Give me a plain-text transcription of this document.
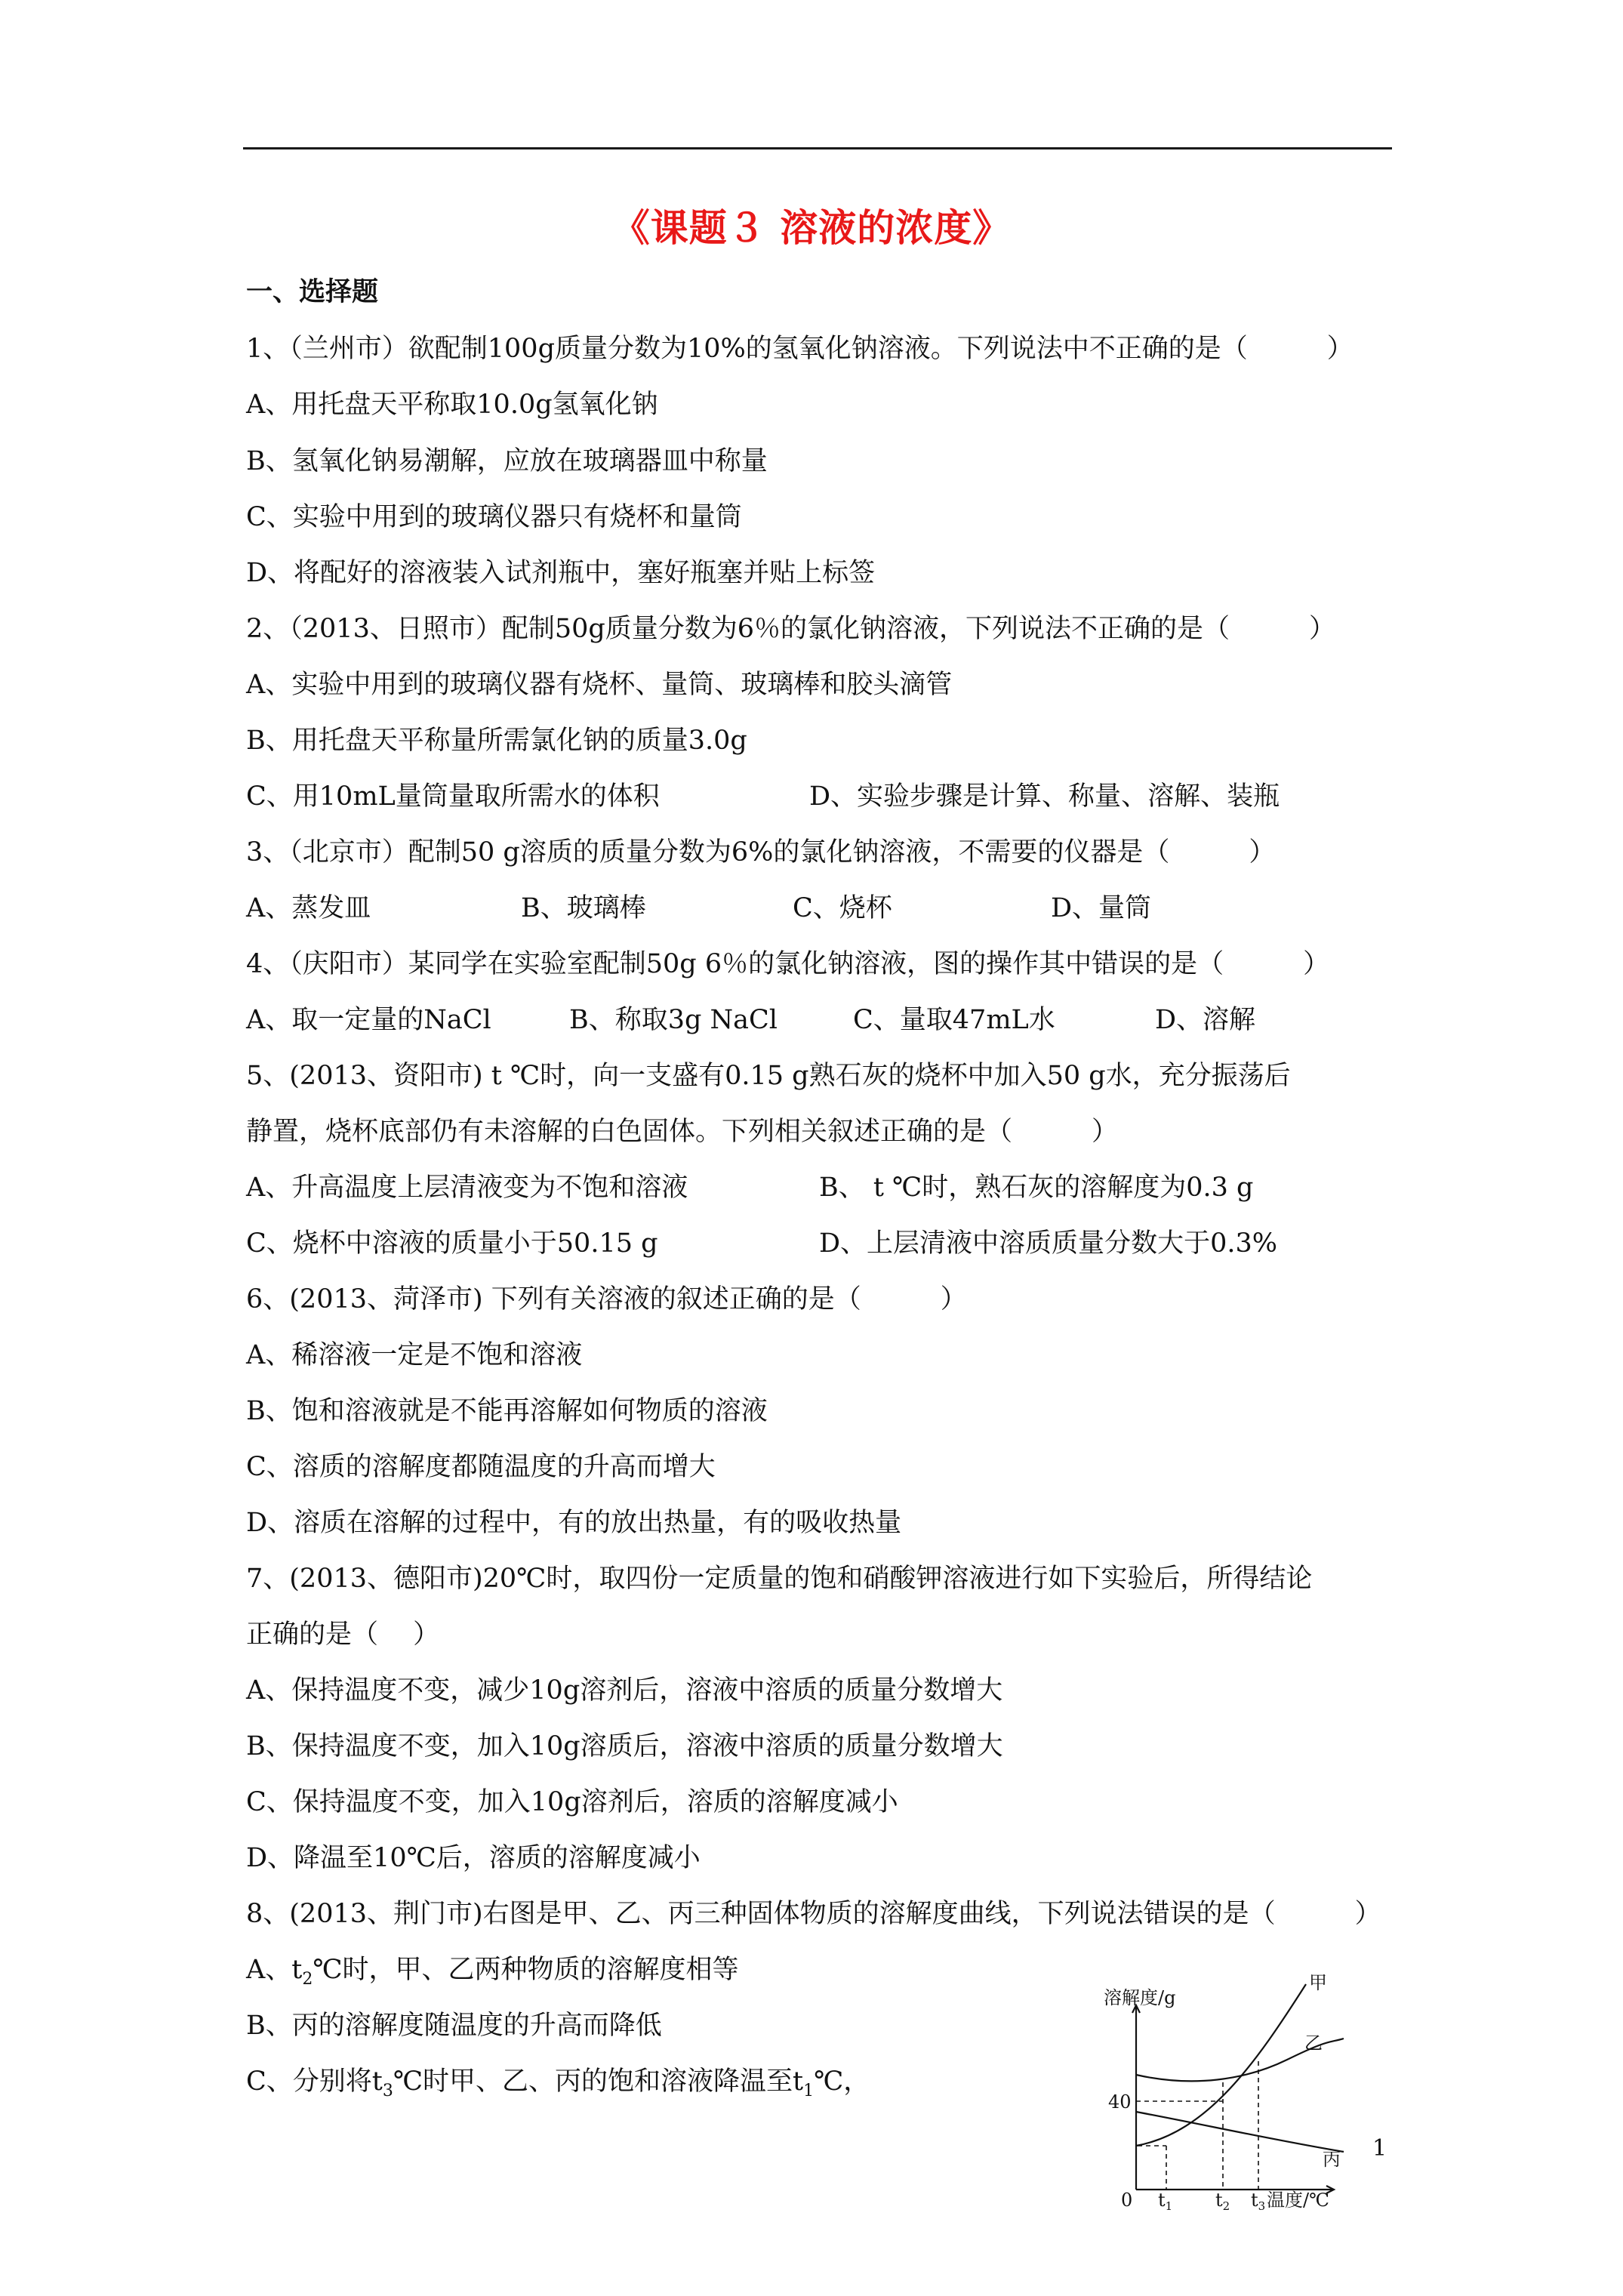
《课题３ 溶液的浓度》
一、选择题
1、（兰州市）欲配制100g质量分数为10%的氢氧化钠溶液。下列说法中不正确的是（　　　）
A、用托盘天平称取10.0g氢氧化钠
B、氢氧化钠易潮解，应放在玻璃器皿中称量
C、实验中用到的玻璃仪器只有烧杯和量筒
D、将配好的溶液装入试剂瓶中，塞好瓶塞并贴上标签
2、（2013、日照市）配制50g质量分数为6％的氯化钠溶液，下列说法不正确的是（　　　）
A、实验中用到的玻璃仪器有烧杯、量筒、玻璃棒和胶头滴管
B、用托盘天平称量所需氯化钠的质量3.0g
C、用10mL量筒量取所需水的体积	D、实验步骤是计算、称量、溶解、装瓶
3、（北京市）配制50 g溶质的质量分数为6%的氯化钠溶液，不需要的仪器是（　　　）
A、蒸发皿	B、玻璃棒	C、烧杯	D、量筒
4、（庆阳市）某同学在实验室配制50g 6％的氯化钠溶液，图的操作其中错误的是（　　　）
A、取一定量的NaCl	B、称取3g NaCl	C、量取47mL水	D、溶解
5、(2013、资阳市) t ℃时，向一支盛有0.15 g熟石灰的烧杯中加入50 g水，充分振荡后
静置，烧杯底部仍有未溶解的白色固体。下列相关叙述正确的是（　　　）
A、升高温度上层清液变为不饱和溶液	B、 t ℃时，熟石灰的溶解度为0.3 g
C、烧杯中溶液的质量小于50.15 g	D、上层清液中溶质质量分数大于0.3%
6、(2013、菏泽市) 下列有关溶液的叙述正确的是（　　　）
A、稀溶液一定是不饱和溶液
B、饱和溶液就是不能再溶解如何物质的溶液
C、溶质的溶解度都随温度的升高而增大
D、溶质在溶解的过程中，有的放出热量，有的吸收热量
7、(2013、德阳市)20℃时，取四份一定质量的饱和硝酸钾溶液进行如下实验后，所得结论
正确的是（　 ）
A、保持温度不变，减少10g溶剂后，溶液中溶质的质量分数增大
B、保持温度不变，加入10g溶质后，溶液中溶质的质量分数增大
C、保持温度不变，加入10g溶剂后，溶质的溶解度减小
D、降温至10℃后，溶质的溶解度减小
8、(2013、荆门市)右图是甲、乙、丙三种固体物质的溶解度曲线，下列说法错误的是（　　　）
A、$t_2℃$时，甲、乙两种物质的溶解度相等
B、丙的溶解度随温度的升高而降低
C、分别将$t_3℃$时甲、乙、丙的饱和溶液降温至$t_1℃$，
溶解度/g
温度/℃
0
40
$t_1$ $t_2$ $t_3$
甲
乙
丙 1
